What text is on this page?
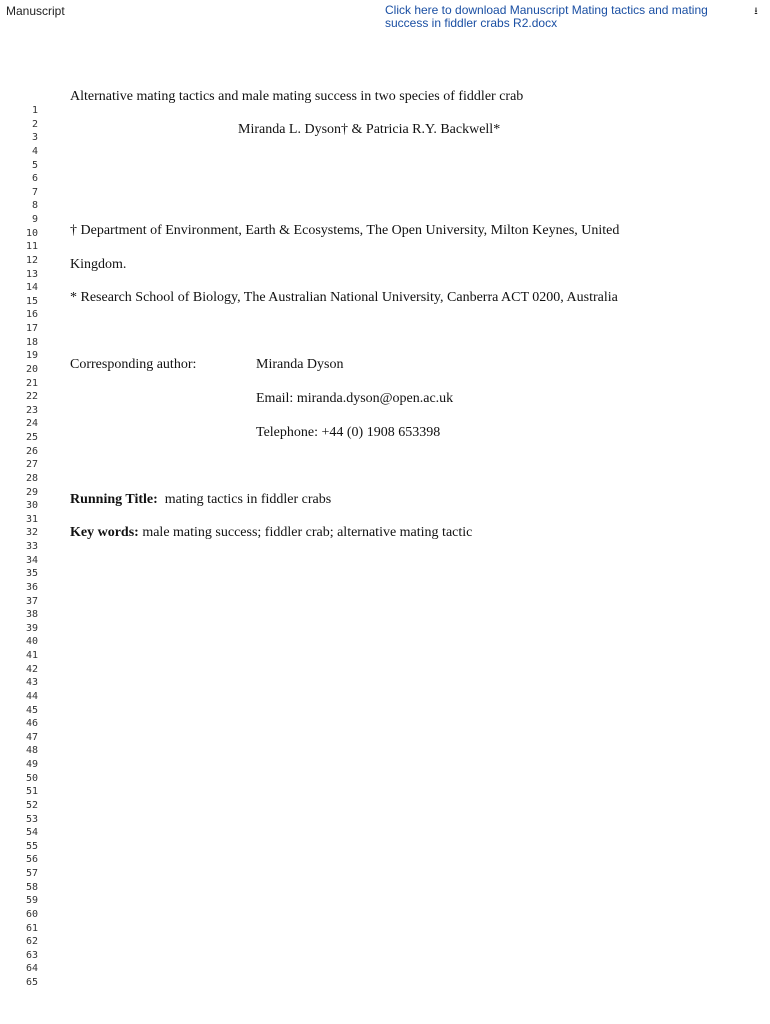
Manuscript	Click here to download Manuscript Mating tactics and mating success in fiddler crabs R2.docx
⭳
1
2
3
4
5
6
7
8
9
10
11
12
13
14
15
16
17
18
19
20
21
22
23
24
25
26
27
28
29
30
31
32
33
34
35
36
37
38
39
40
41
42
43
44
45
46
47
48
49
50
51
52
53
54
55
56
57
58
59
60
61
62
63
64
65
Alternative mating tactics and male mating success in two species of fiddler crab
Miranda L. Dyson† & Patricia R.Y. Backwell*
† Department of Environment, Earth & Ecosystems, The Open University, Milton Keynes, United
Kingdom.
* Research School of Biology, The Australian National University, Canberra ACT 0200, Australia
Corresponding author:	Miranda Dyson
Email: miranda.dyson@open.ac.uk
Telephone: +44 (0) 1908 653398
Running Title: mating tactics in fiddler crabs
Key words: male mating success; fiddler crab; alternative mating tactic
